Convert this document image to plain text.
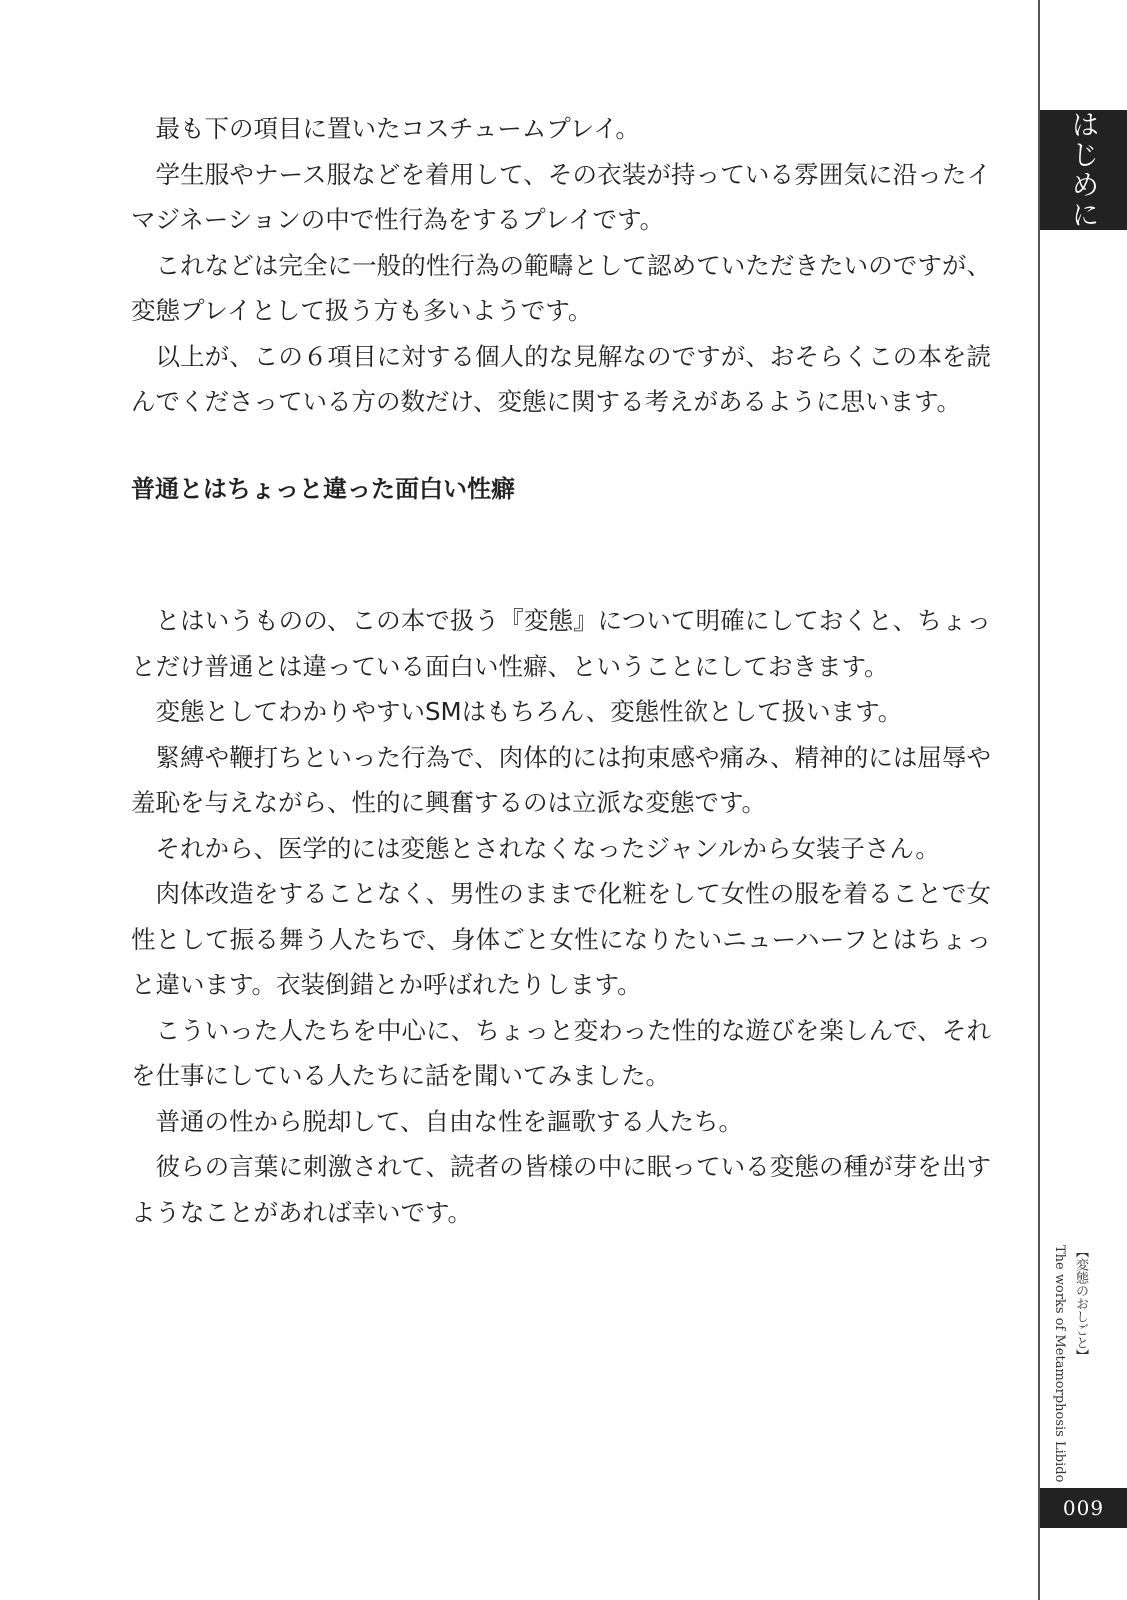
最も下の項目に置いたコスチュームプレイ。

学生服やナース服などを着用して、その衣装が持っている雰囲気に沿ったイマジネーションの中で性行為をするプレイです。

これなどは完全に一般的性行為の範疇として認めていただきたいのですが、変態プレイとして扱う方も多いようです。

以上が、この６項目に対する個人的な見解なのですが、おそらくこの本を読んでくださっている方の数だけ、変態に関する考えがあるように思います。

普通とはちょっと違った面白い性癖

とはいうものの、この本で扱う『変態』について明確にしておくと、ちょっとだけ普通とは違っている面白い性癖、ということにしておきます。

変態としてわかりやすいSMはもちろん、変態性欲として扱います。

緊縛や鞭打ちといった行為で、肉体的には拘束感や痛み、精神的には屈辱や羞恥を与えながら、性的に興奮するのは立派な変態です。

それから、医学的には変態とされなくなったジャンルから女装子さん。

肉体改造をすることなく、男性のままで化粧をして女性の服を着ることで女性として振る舞う人たちで、身体ごと女性になりたいニューハーフとはちょっと違います。衣装倒錯とか呼ばれたりします。

こういった人たちを中心に、ちょっと変わった性的な遊びを楽しんで、それを仕事にしている人たちに話を聞いてみました。

普通の性から脱却して、自由な性を謳歌する人たち。

彼らの言葉に刺激されて、読者の皆様の中に眠っている変態の種が芽を出すようなことがあれば幸いです。

はじめに
【変態のおしごと】
The works of Metamorphosis Libido
009
